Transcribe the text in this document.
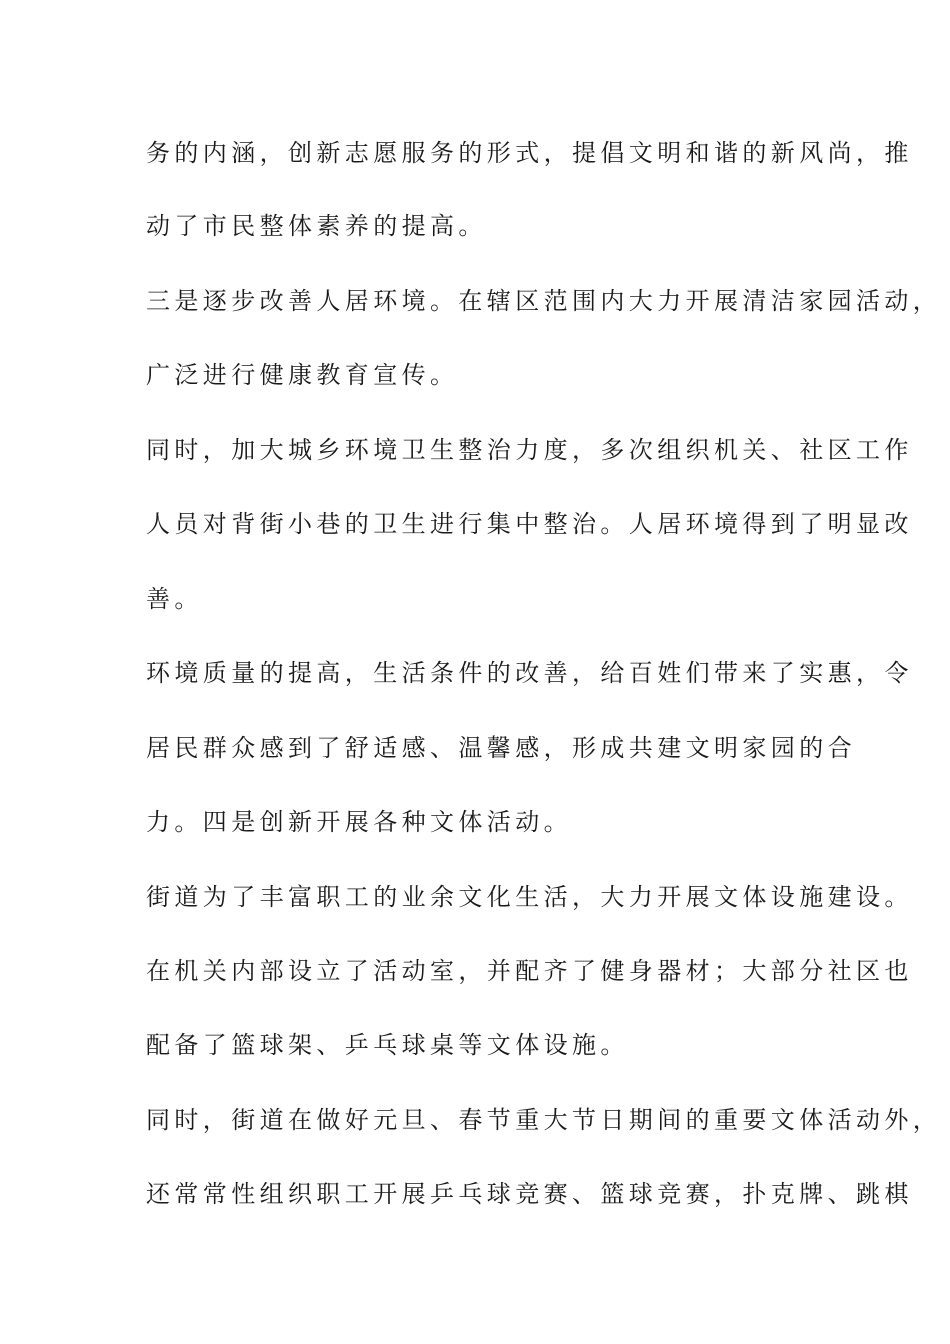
务的内涵，创新志愿服务的形式，提倡文明和谐的新风尚，推
动了市民整体素养的提高。
三是逐步改善人居环境。在辖区范围内大力开展清洁家园活动，
广泛进行健康教育宣传。
同时，加大城乡环境卫生整治力度，多次组织机关、社区工作
人员对背街小巷的卫生进行集中整治。人居环境得到了明显改
善。
环境质量的提高，生活条件的改善，给百姓们带来了实惠，令
居民群众感到了舒适感、温馨感，形成共建文明家园的合
力。四是创新开展各种文体活动。
街道为了丰富职工的业余文化生活，大力开展文体设施建设。
在机关内部设立了活动室，并配齐了健身器材；大部分社区也
配备了篮球架、乒乓球桌等文体设施。
同时，街道在做好元旦、春节重大节日期间的重要文体活动外，
还常常性组织职工开展乒乓球竞赛、篮球竞赛，扑克牌、跳棋
